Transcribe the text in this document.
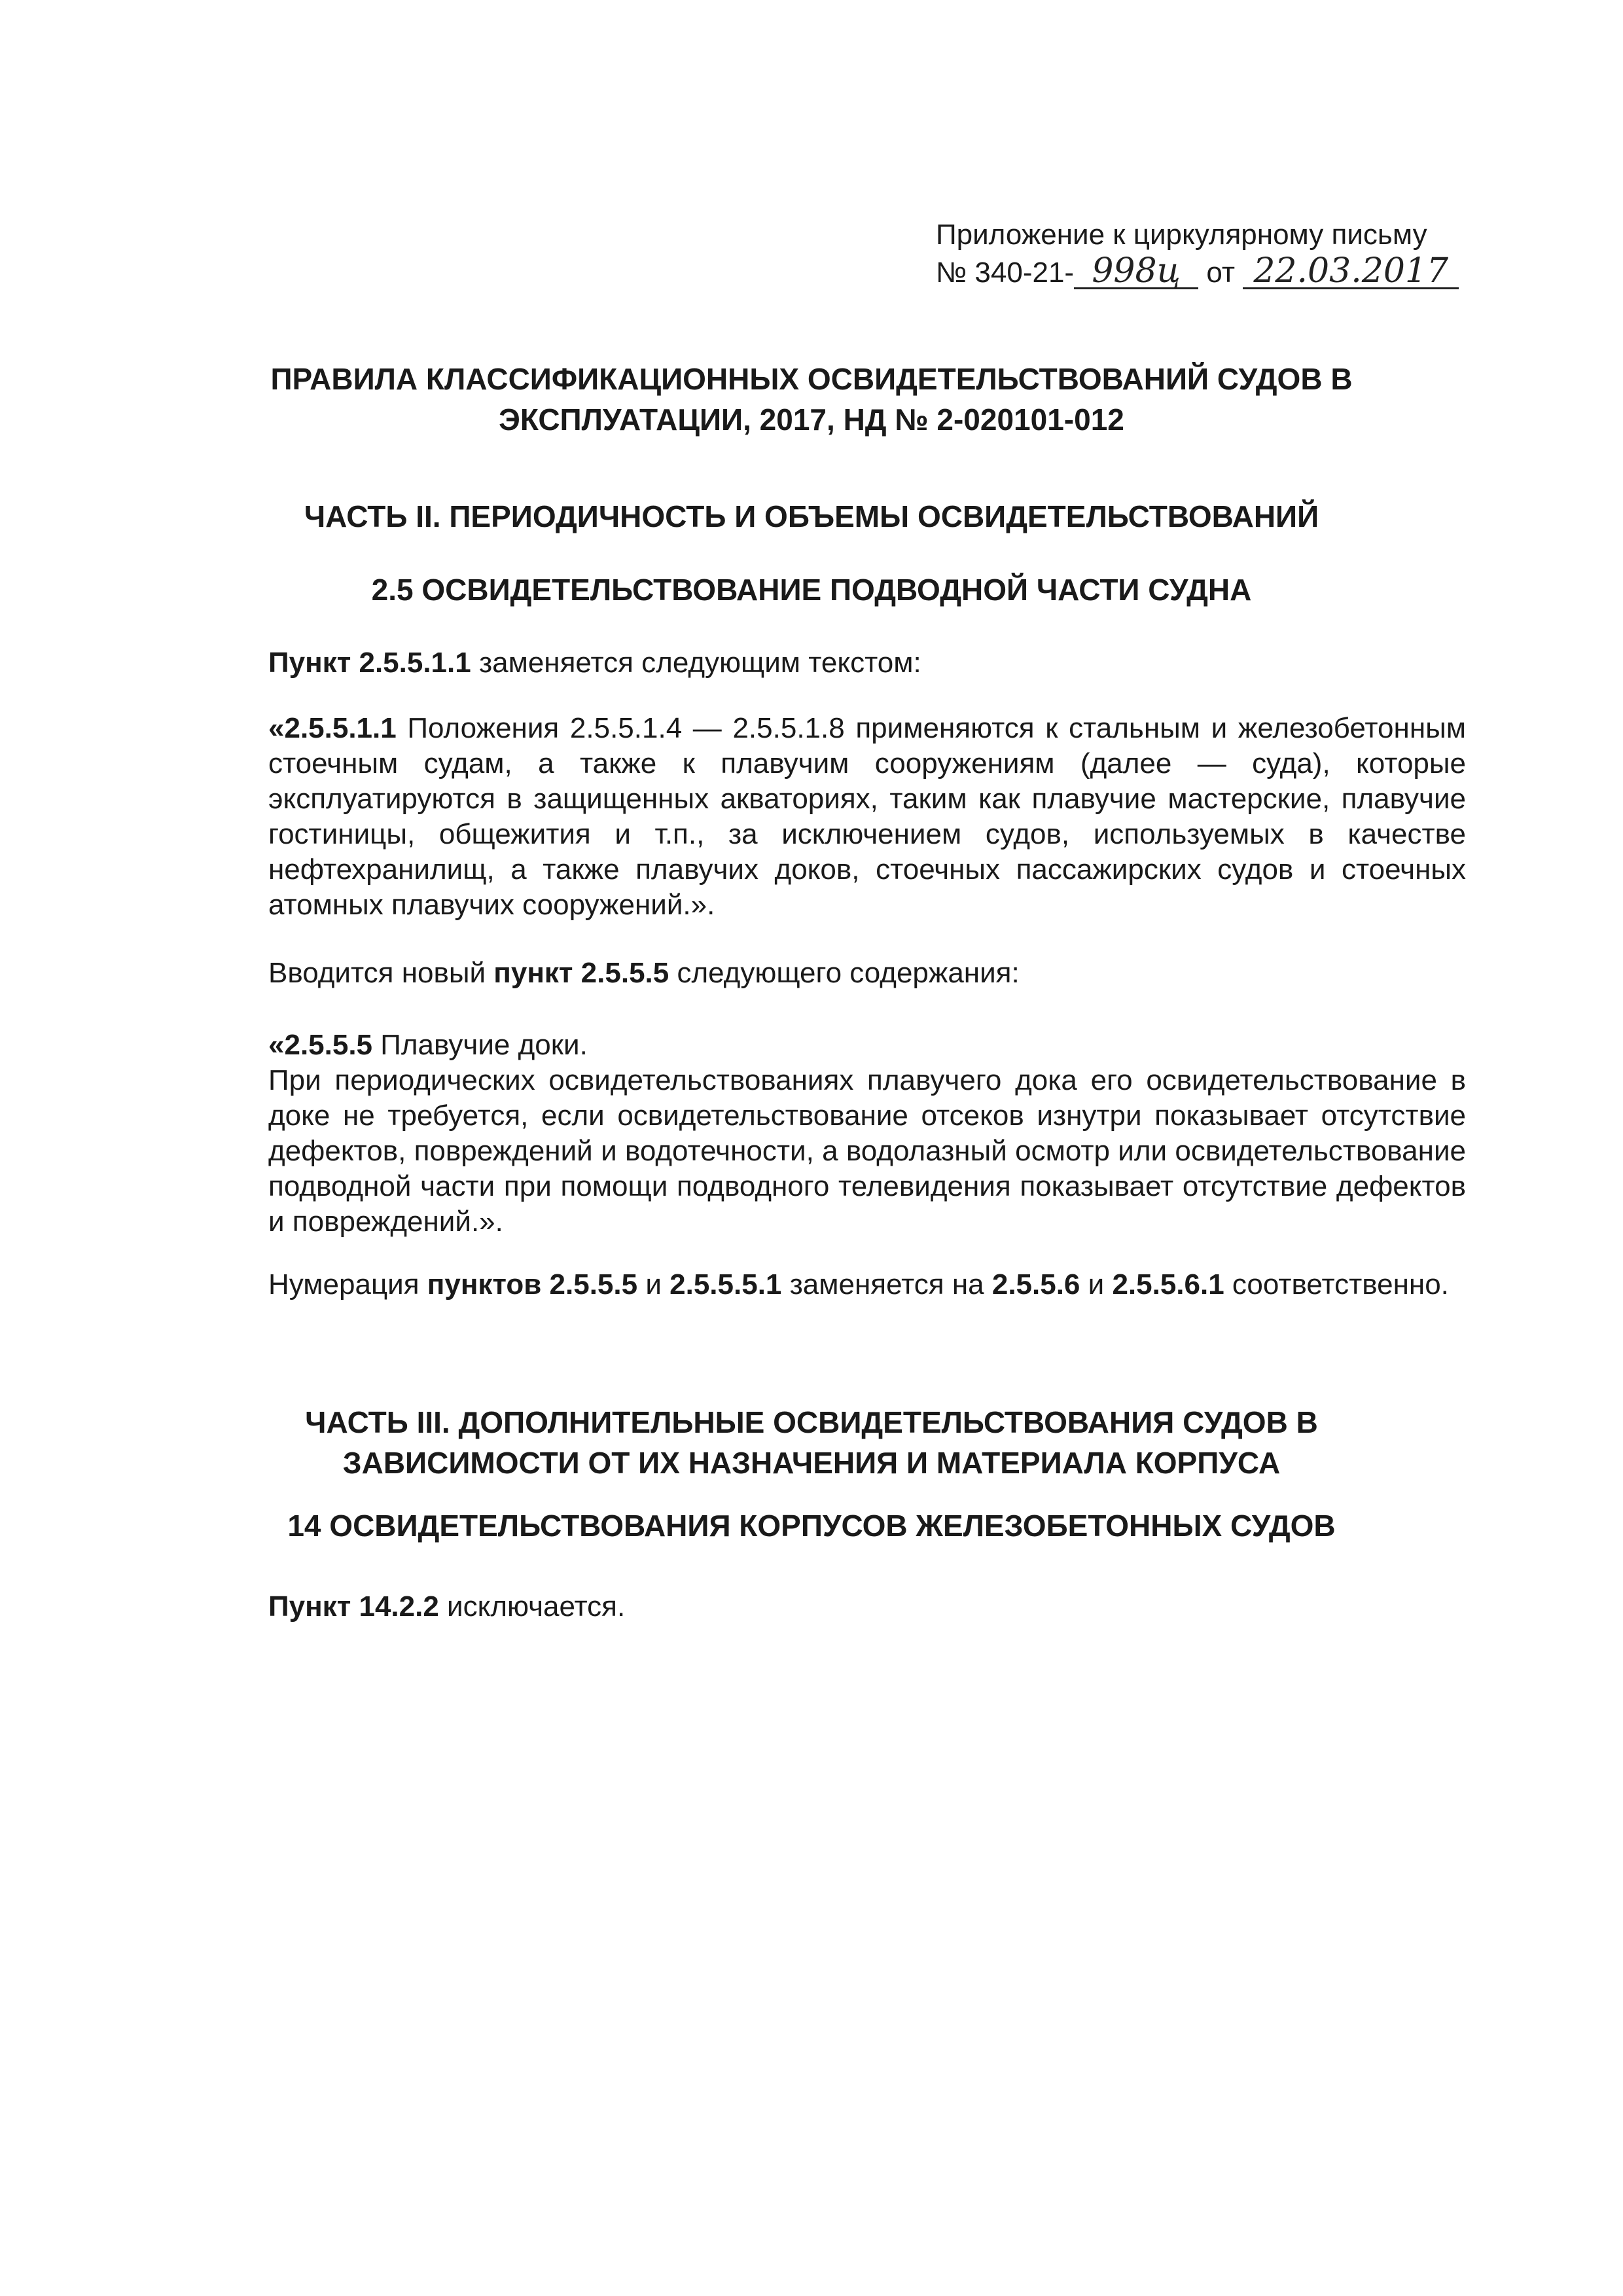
Приложение к циркулярному письму
№ 340-21- 998ц от 22.03.2017
ПРАВИЛА КЛАССИФИКАЦИОННЫХ ОСВИДЕТЕЛЬСТВОВАНИЙ СУДОВ В
ЭКСПЛУАТАЦИИ, 2017, НД № 2-020101-012
ЧАСТЬ II. ПЕРИОДИЧНОСТЬ И ОБЪЕМЫ ОСВИДЕТЕЛЬСТВОВАНИЙ
2.5 ОСВИДЕТЕЛЬСТВОВАНИЕ ПОДВОДНОЙ ЧАСТИ СУДНА
Пункт 2.5.5.1.1 заменяется следующим текстом:
«2.5.5.1.1 Положения 2.5.5.1.4 — 2.5.5.1.8 применяются к стальным и железобетонным стоечным судам, а также к плавучим сооружениям (далее — суда), которые эксплуатируются в защищенных акваториях, таким как плавучие мастерские, плавучие гостиницы, общежития и т.п., за исключением судов, используемых в качестве нефтехранилищ, а также плавучих доков, стоечных пассажирских судов и стоечных атомных плавучих сооружений.».
Вводится новый пункт 2.5.5.5 следующего содержания:
«2.5.5.5 Плавучие доки.
При периодических освидетельствованиях плавучего дока его освидетельствование в доке не требуется, если освидетельствование отсеков изнутри показывает отсутствие дефектов, повреждений и водотечности, а водолазный осмотр или освидетельствование подводной части при помощи подводного телевидения показывает отсутствие дефектов и повреждений.».
Нумерация пунктов 2.5.5.5 и 2.5.5.5.1 заменяется на 2.5.5.6 и 2.5.5.6.1 соответственно.
ЧАСТЬ III. ДОПОЛНИТЕЛЬНЫЕ ОСВИДЕТЕЛЬСТВОВАНИЯ СУДОВ В
ЗАВИСИМОСТИ ОТ ИХ НАЗНАЧЕНИЯ И МАТЕРИАЛА КОРПУСА
14 ОСВИДЕТЕЛЬСТВОВАНИЯ КОРПУСОВ ЖЕЛЕЗОБЕТОННЫХ СУДОВ
Пункт 14.2.2 исключается.
